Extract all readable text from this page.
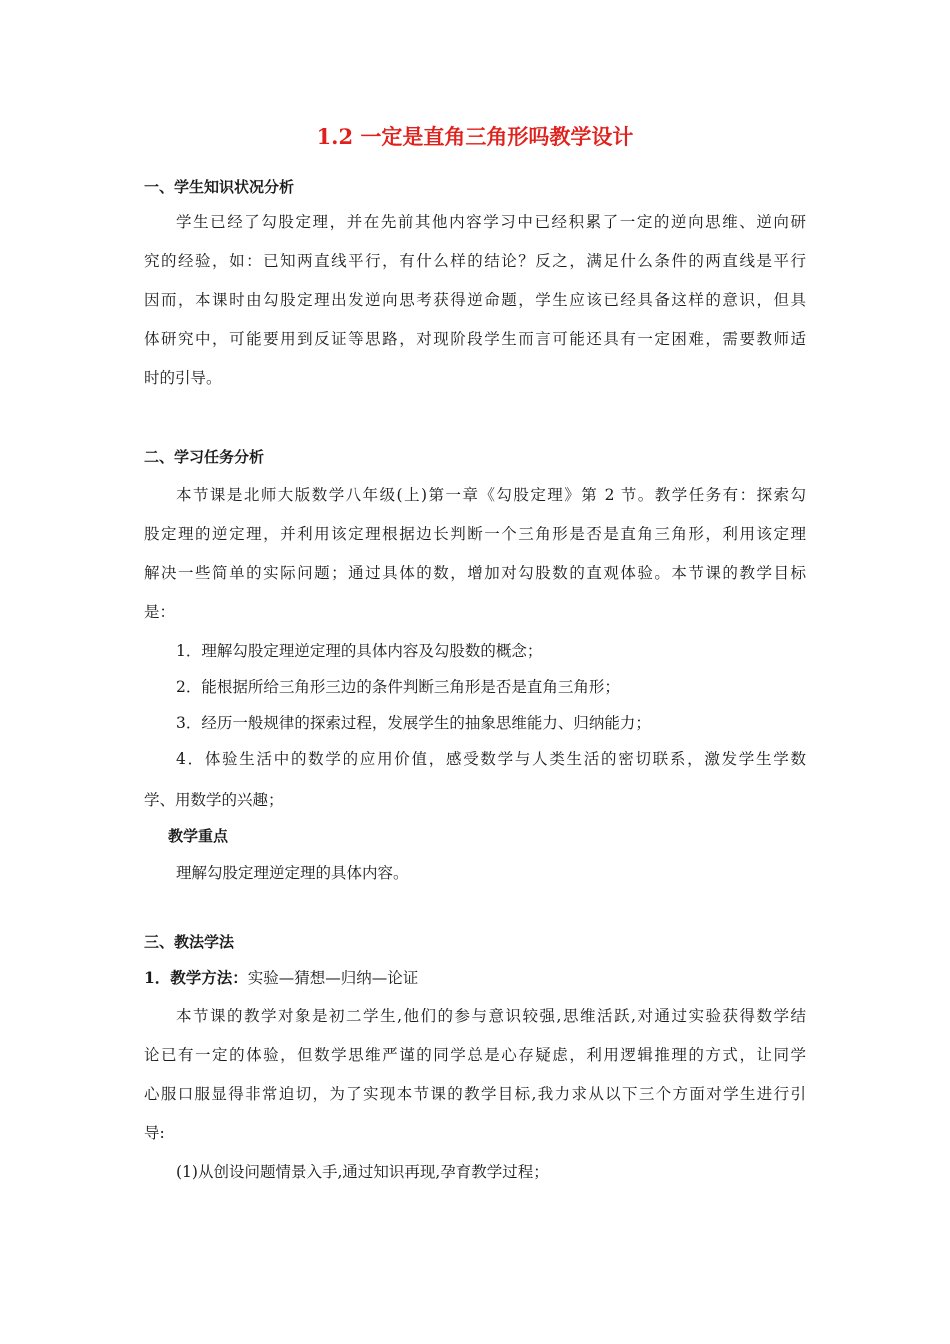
1.2 一定是直角三角形吗教学设计
一、学生知识状况分析
学生已经了勾股定理，并在先前其他内容学习中已经积累了一定的逆向思维、逆向研
究的经验，如：已知两直线平行，有什么样的结论？反之，满足什么条件的两直线是平行
因而，本课时由勾股定理出发逆向思考获得逆命题，学生应该已经具备这样的意识，但具
体研究中，可能要用到反证等思路，对现阶段学生而言可能还具有一定困难，需要教师适
时的引导。
二、学习任务分析
本节课是北师大版数学八年级(上)第一章《勾股定理》第 2 节。教学任务有：探索勾
股定理的逆定理，并利用该定理根据边长判断一个三角形是否是直角三角形，利用该定理
解决一些简单的实际问题；通过具体的数，增加对勾股数的直观体验。本节课的教学目标
是：
1．理解勾股定理逆定理的具体内容及勾股数的概念；
2．能根据所给三角形三边的条件判断三角形是否是直角三角形；
3．经历一般规律的探索过程，发展学生的抽象思维能力、归纳能力；
4．体验生活中的数学的应用价值，感受数学与人类生活的密切联系，激发学生学数
学、用数学的兴趣；
教学重点
理解勾股定理逆定理的具体内容。
三、教法学法
1．教学方法：实验—猜想—归纳—论证
本节课的教学对象是初二学生,他们的参与意识较强,思维活跃,对通过实验获得数学结
论已有一定的体验，但数学思维严谨的同学总是心存疑虑，利用逻辑推理的方式，让同学
心服口服显得非常迫切，为了实现本节课的教学目标,我力求从以下三个方面对学生进行引
导:
(1)从创设问题情景入手,通过知识再现,孕育教学过程；
